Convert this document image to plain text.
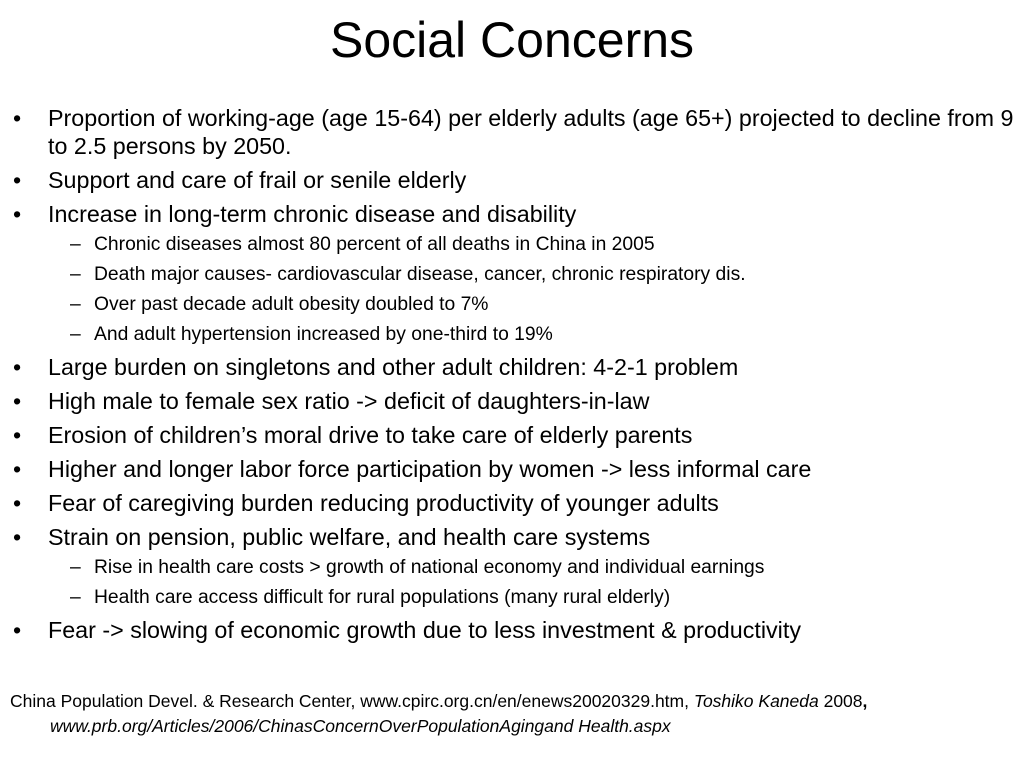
Social Concerns
• Proportion of working-age (age 15-64) per elderly adults (age 65+) projected to decline from 9 to 2.5 persons by 2050.
• Support and care of frail or senile elderly
• Increase in long-term chronic disease and disability
– Chronic diseases almost 80 percent of all deaths in China in 2005
– Death major causes- cardiovascular disease, cancer, chronic respiratory dis.
– Over past decade adult obesity doubled to 7%
– And adult hypertension increased by one-third to 19%
• Large burden on singletons and other adult children: 4-2-1 problem
• High male to female sex ratio -> deficit of daughters-in-law
• Erosion of children’s moral drive to take care of elderly parents
• Higher and longer labor force participation by women -> less informal care
• Fear of caregiving burden reducing productivity of younger adults
• Strain on pension, public welfare, and health care systems
– Rise in health care costs > growth of national economy and individual earnings
– Health care access difficult for rural populations (many rural elderly)
• Fear -> slowing of economic growth due to less investment & productivity
China Population Devel. & Research Center, www.cpirc.org.cn/en/enews20020329.htm, Toshiko Kaneda 2008, www.prb.org/Articles/2006/ChinasConcernOverPopulationAgingand Health.aspx
